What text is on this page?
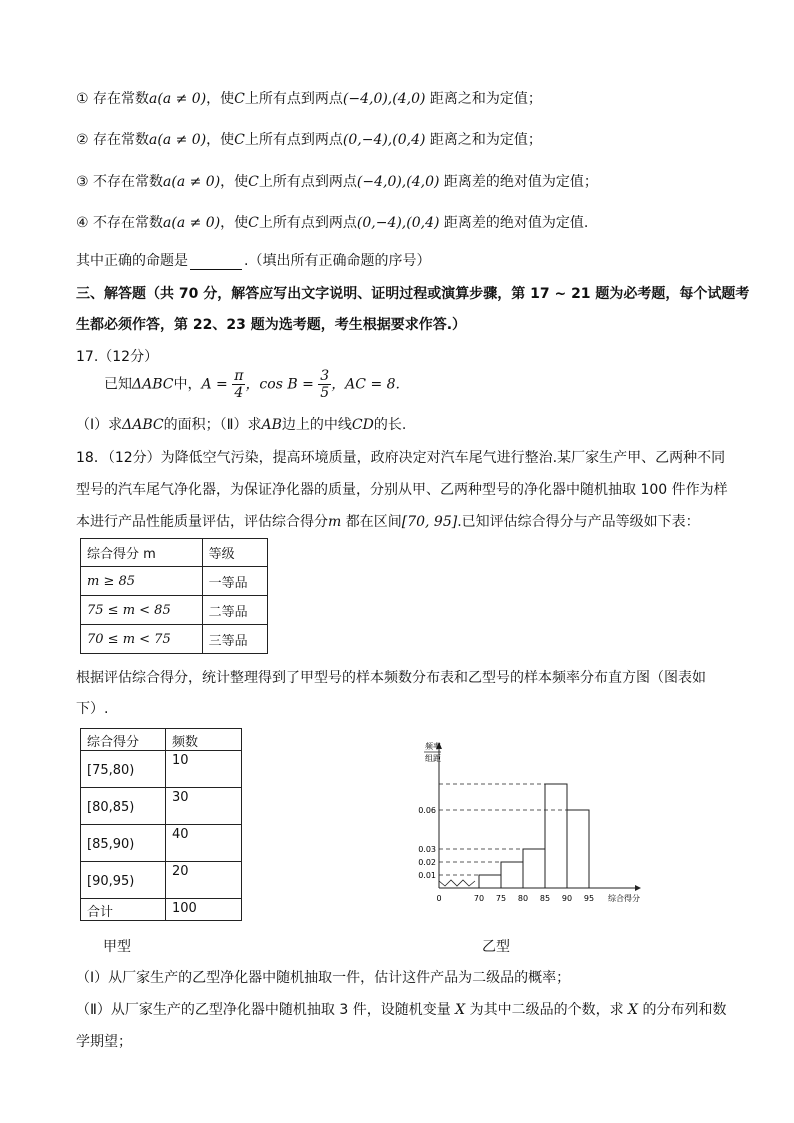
① 存在常数a(a ≠ 0)，使C上所有点到两点(−4,0),(4,0) 距离之和为定值；
② 存在常数a(a ≠ 0)，使C上所有点到两点(0,−4),(0,4) 距离之和为定值；
③ 不存在常数a(a ≠ 0)，使C上所有点到两点(−4,0),(4,0) 距离差的绝对值为定值；
④ 不存在常数a(a ≠ 0)，使C上所有点到两点(0,−4),(0,4) 距离差的绝对值为定值.
其中正确的命题是	.（填出所有正确命题的序号）
三、解答题（共 70 分，解答应写出文字说明、证明过程或演算步骤，第 17 ~ 21 题为必考题，每个试题考
生都必须作答，第 22、23 题为选考题，考生根据要求作答.）
17.（12分）
已知ΔABC中，$A = \frac{\pi}{4}$ ，$\cos B = \frac{3}{5}$ ，AC = 8.
（Ⅰ）求ΔABC的面积；（Ⅱ）求AB边上的中线CD的长.
18．（12分）为降低空气污染，提高环境质量，政府决定对汽车尾气进行整治.某厂家生产甲、乙两种不同
型号的汽车尾气净化器，为保证净化器的质量，分别从甲、乙两种型号的净化器中随机抽取 100 件作为样
本进行产品性能质量评估，评估综合得分m 都在区间[70, 95].已知评估综合得分与产品等级如下表：
综合得分 m	等级
m ≥ 85	一等品
75 ≤ m < 85	二等品
70 ≤ m < 75	三等品
根据评估综合得分，统计整理得到了甲型号的样本频数分布表和乙型号的样本频率分布直方图（图表如
下）.
综合得分	频数
[75,80)	10
[80,85)	30
[85,90)	40
[90,95)	20
合计	100
频率
组距
0.01
0.02
0.03
0.06
0	70 75 80 85 90 95 综合得分
甲型	乙型
（Ⅰ）从厂家生产的乙型净化器中随机抽取一件，估计这件产品为二级品的概率；
（Ⅱ）从厂家生产的乙型净化器中随机抽取 3 件，设随机变量 X 为其中二级品的个数，求 X 的分布列和数
学期望；
